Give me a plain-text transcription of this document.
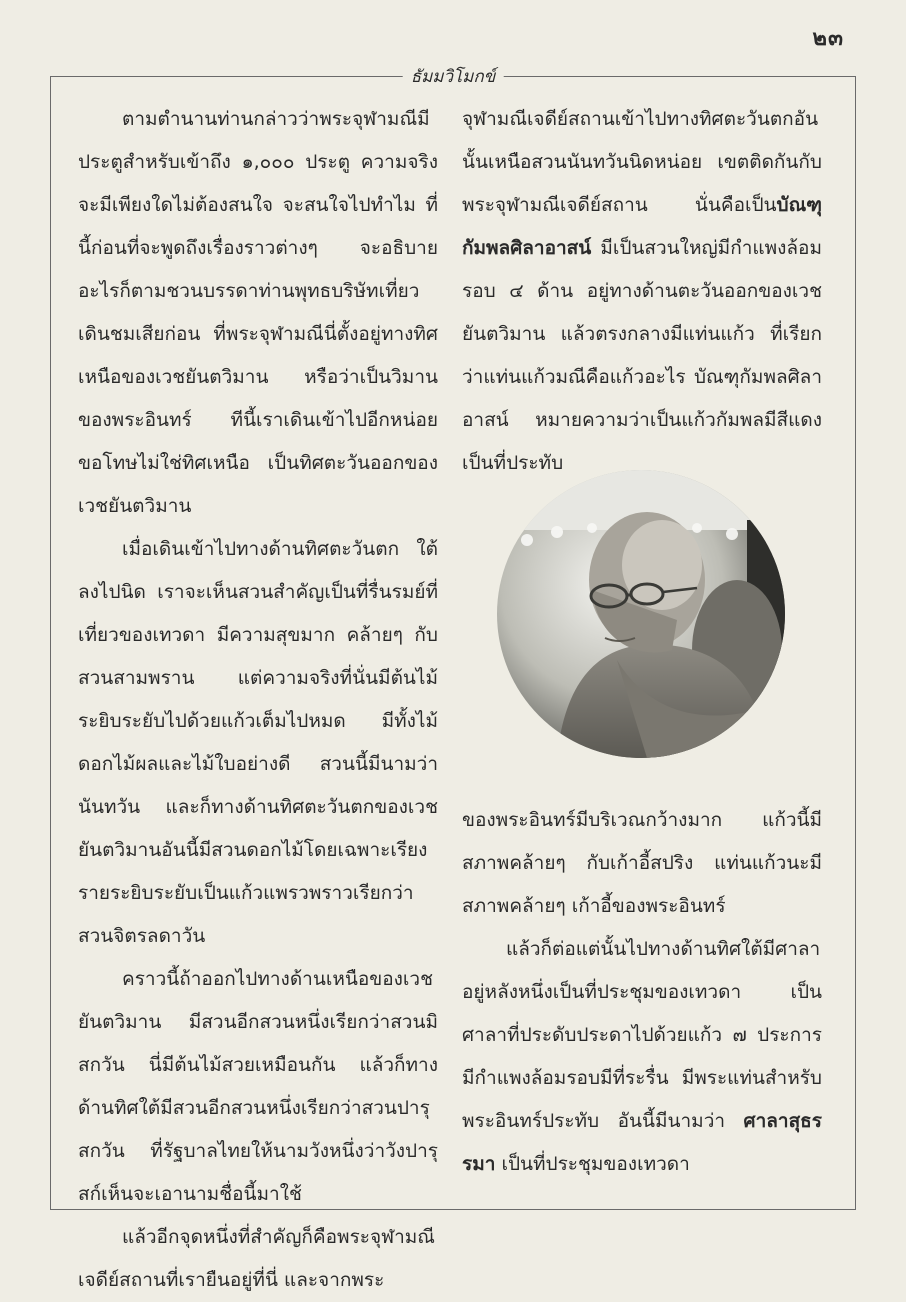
๒๓
ธัมมวิโมกข์

ตามตำนานท่านกล่าวว่าพระจุฬามณีมีประตูสำหรับเข้าถึง ๑,๐๐๐ ประตู ความจริงจะมีเพียงใดไม่ต้องสนใจ จะสนใจไปทำไม ที่นี้ก่อนที่จะพูดถึงเรื่องราวต่างๆ จะอธิบายอะไรก็ตามชวนบรรดาท่านพุทธบริษัทเที่ยวเดินชมเสียก่อน ที่พระจุฬามณีนี่ตั้งอยู่ทางทิศเหนือของเวชยันตวิมาน หรือว่าเป็นวิมานของพระอินทร์ ทีนี้เราเดินเข้าไปอีกหน่อย ขอโทษไม่ใช่ทิศเหนือ เป็นทิศตะวันออกของเวชยันตวิมาน

เมื่อเดินเข้าไปทางด้านทิศตะวันตก ใต้ลงไปนิด เราจะเห็นสวนสำคัญเป็นที่รื่นรมย์ที่เที่ยวของเทวดา มีความสุขมาก คล้ายๆ กับสวนสามพราน แต่ความจริงที่นั่นมีต้นไม้ระยิบระยับไปด้วยแก้วเต็มไปหมด มีทั้งไม้ดอกไม้ผลและไม้ใบอย่างดี สวนนี้มีนามว่านันทวัน และก็ทางด้านทิศตะวันตกของเวชยันตวิมานอันนี้มีสวนดอกไม้โดยเฉพาะเรียงรายระยิบระยับเป็นแก้วแพรวพราวเรียกว่าสวนจิตรลดาวัน

คราวนี้ถ้าออกไปทางด้านเหนือของเวชยันตวิมาน มีสวนอีกสวนหนึ่งเรียกว่าสวนมิสกวัน นี่มีต้นไม้สวยเหมือนกัน แล้วก็ทางด้านทิศใต้มีสวนอีกสวนหนึ่งเรียกว่าสวนปารุสกวัน ที่รัฐบาลไทยให้นามวังหนึ่งว่าวังปารุสก์เห็นจะเอานามชื่อนี้มาใช้

แล้วอีกจุดหนึ่งที่สำคัญก็คือพระจุฬามณีเจดีย์สถานที่เรายืนอยู่ที่นี่ และจากพระ

จุฬามณีเจดีย์สถานเข้าไปทางทิศตะวันตกอันนั้นเหนือสวนนันทวันนิดหน่อย เขตติดกันกับพระจุฬามณีเจดีย์สถาน นั่นคือเป็นบัณฑุกัมพลศิลาอาสน์ มีเป็นสวนใหญ่มีกำแพงล้อมรอบ ๔ ด้าน อยู่ทางด้านตะวันออกของเวชยันตวิมาน แล้วตรงกลางมีแท่นแก้ว ที่เรียกว่าแท่นแก้วมณีคือแก้วอะไร บัณฑุกัมพลศิลาอาสน์ หมายความว่าเป็นแก้วกัมพลมีสีแดง เป็นที่ประทับ

ของพระอินทร์มีบริเวณกว้างมาก แก้วนี้มีสภาพคล้ายๆ กับเก้าอี้สปริง แท่นแก้วนะมีสภาพคล้ายๆ เก้าอี้ของพระอินทร์

แล้วก็ต่อแต่นั้นไปทางด้านทิศใต้มีศาลาอยู่หลังหนึ่งเป็นที่ประชุมของเทวดา เป็นศาลาที่ประดับประดาไปด้วยแก้ว ๗ ประการ มีกำแพงล้อมรอบมีที่ระรื่น มีพระแท่นสำหรับพระอินทร์ประทับ อันนี้มีนามว่า ศาลาสุธรรมา เป็นที่ประชุมของเทวดา
